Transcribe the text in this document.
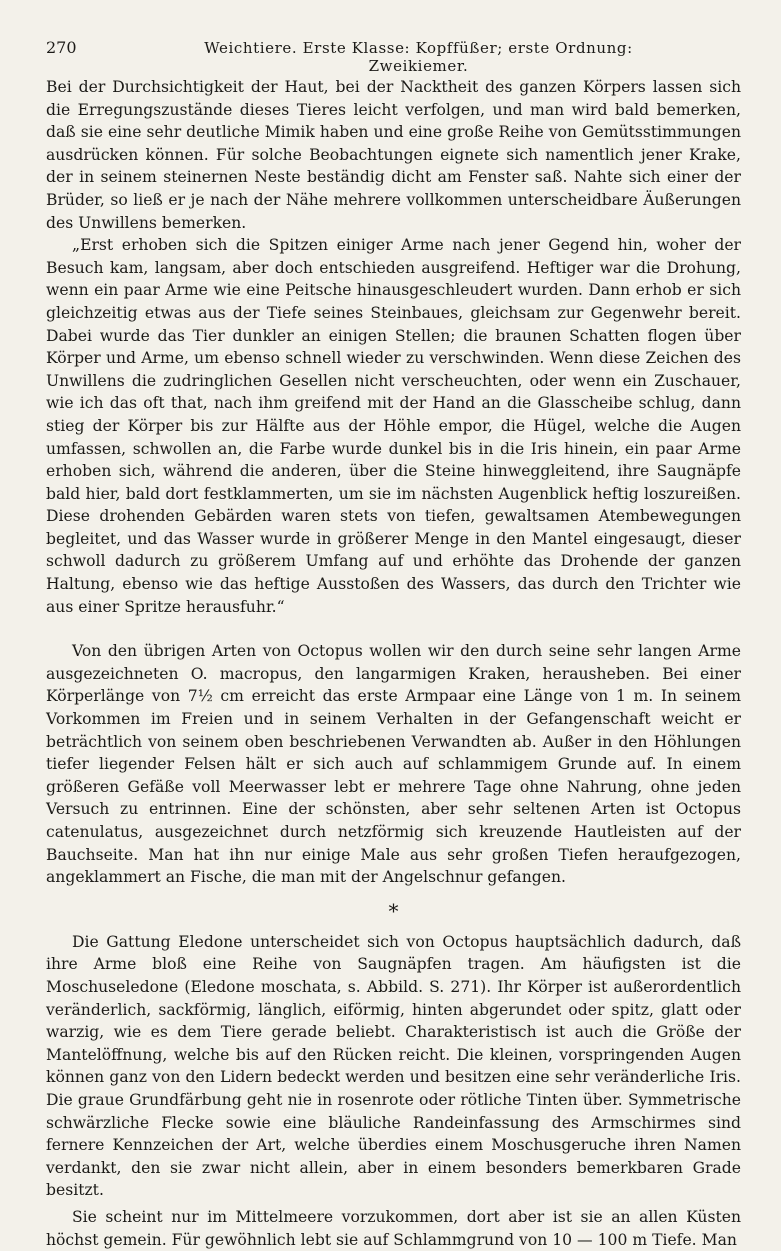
270	Weichtiere. Erste Klasse: Kopffüßer; erste Ordnung: Zweikiemer.

Bei der Durchsichtigkeit der Haut, bei der Nacktheit des ganzen Körpers lassen sich die Erregungszustände dieses Tieres leicht verfolgen, und man wird bald bemerken, daß sie eine sehr deutliche Mimik haben und eine große Reihe von Gemütsstimmungen ausdrücken können. Für solche Beobachtungen eignete sich namentlich jener Krake, der in seinem steinernen Neste beständig dicht am Fenster saß. Nahte sich einer der Brüder, so ließ er je nach der Nähe mehrere vollkommen unterscheidbare Äußerungen des Unwillens bemerken.

„Erst erhoben sich die Spitzen einiger Arme nach jener Gegend hin, woher der Besuch kam, langsam, aber doch entschieden ausgreifend. Heftiger war die Drohung, wenn ein paar Arme wie eine Peitsche hinausgeschleudert wurden. Dann erhob er sich gleichzeitig etwas aus der Tiefe seines Steinbaues, gleichsam zur Gegenwehr bereit. Dabei wurde das Tier dunkler an einigen Stellen; die braunen Schatten flogen über Körper und Arme, um ebenso schnell wieder zu verschwinden. Wenn diese Zeichen des Unwillens die zudringlichen Gesellen nicht verscheuchten, oder wenn ein Zuschauer, wie ich das oft that, nach ihm greifend mit der Hand an die Glasscheibe schlug, dann stieg der Körper bis zur Hälfte aus der Höhle empor, die Hügel, welche die Augen umfassen, schwollen an, die Farbe wurde dunkel bis in die Iris hinein, ein paar Arme erhoben sich, während die anderen, über die Steine hinweggleitend, ihre Saugnäpfe bald hier, bald dort festklammerten, um sie im nächsten Augenblick heftig loszureißen. Diese drohenden Gebärden waren stets von tiefen, gewaltsamen Atembewegungen begleitet, und das Wasser wurde in größerer Menge in den Mantel eingesaugt, dieser schwoll dadurch zu größerem Umfang auf und erhöhte das Drohende der ganzen Haltung, ebenso wie das heftige Ausstoßen des Wassers, das durch den Trichter wie aus einer Spritze herausfuhr.“

Von den übrigen Arten von Octopus wollen wir den durch seine sehr langen Arme ausgezeichneten O. macropus, den langarmigen Kraken, herausheben. Bei einer Körperlänge von 7½ cm erreicht das erste Armpaar eine Länge von 1 m. In seinem Vorkommen im Freien und in seinem Verhalten in der Gefangenschaft weicht er beträchtlich von seinem oben beschriebenen Verwandten ab. Außer in den Höhlungen tiefer liegender Felsen hält er sich auch auf schlammigem Grunde auf. In einem größeren Gefäße voll Meerwasser lebt er mehrere Tage ohne Nahrung, ohne jeden Versuch zu entrinnen. Eine der schönsten, aber sehr seltenen Arten ist Octopus catenulatus, ausgezeichnet durch netzförmig sich kreuzende Hautleisten auf der Bauchseite. Man hat ihn nur einige Male aus sehr großen Tiefen heraufgezogen, angeklammert an Fische, die man mit der Angelschnur gefangen.

*

Die Gattung Eledone unterscheidet sich von Octopus hauptsächlich dadurch, daß ihre Arme bloß eine Reihe von Saugnäpfen tragen. Am häufigsten ist die Moschuseledone (Eledone moschata, s. Abbild. S. 271). Ihr Körper ist außerordentlich veränderlich, sackförmig, länglich, eiförmig, hinten abgerundet oder spitz, glatt oder warzig, wie es dem Tiere gerade beliebt. Charakteristisch ist auch die Größe der Mantelöffnung, welche bis auf den Rücken reicht. Die kleinen, vorspringenden Augen können ganz von den Lidern bedeckt werden und besitzen eine sehr veränderliche Iris. Die graue Grundfärbung geht nie in rosenrote oder rötliche Tinten über. Symmetrische schwärzliche Flecke sowie eine bläuliche Randeinfassung des Armschirmes sind fernere Kennzeichen der Art, welche überdies einem Moschusgeruche ihren Namen verdankt, den sie zwar nicht allein, aber in einem besonders bemerkbaren Grade besitzt.

Sie scheint nur im Mittelmeere vorzukommen, dort aber ist sie an allen Küsten höchst gemein. Für gewöhnlich lebt sie auf Schlammgrund von 10 — 100 m Tiefe. Man
